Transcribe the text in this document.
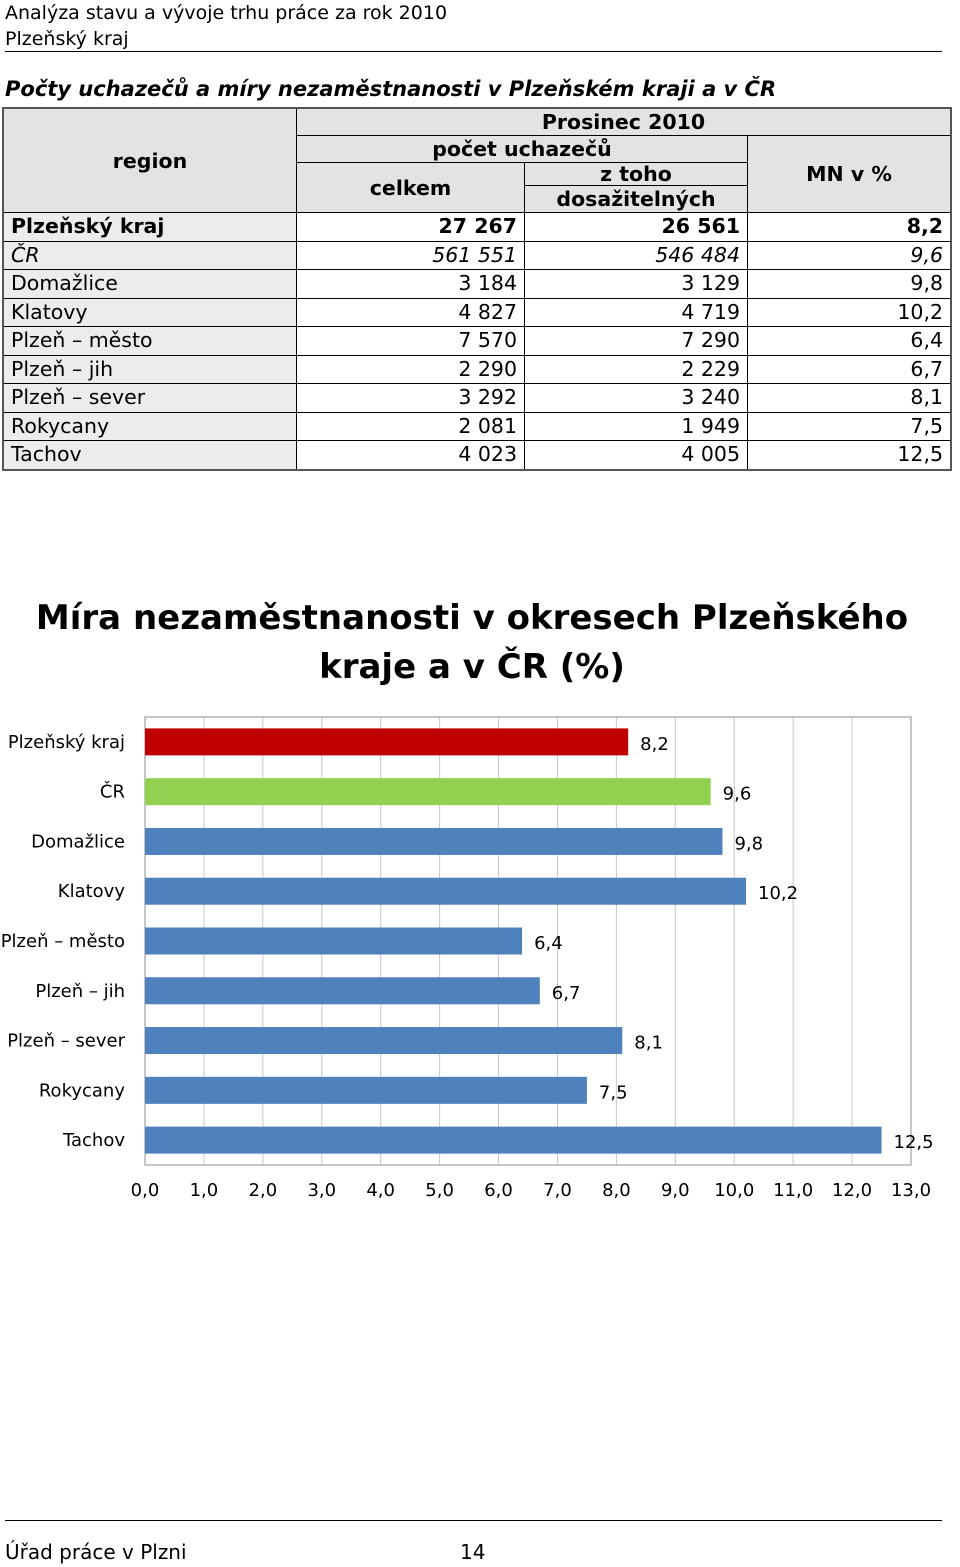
Analýza stavu a vývoje trhu práce za rok 2010
Plzeňský kraj
Počty uchazečů a míry nezaměstnanosti v Plzeňském kraji a v ČR
region	Prosinec 2010		
	počet uchazečů		MN v %
	celkem	z toho	
		dosažitelných	
Plzeňský kraj	27 267	26 561	8,2
ČR	561 551	546 484	9,6
Domažlice	3 184	3 129	9,8
Klatovy	4 827	4 719	10,2
Plzeň – město	7 570	7 290	6,4
Plzeň – jih	2 290	2 229	6,7
Plzeň – sever	3 292	3 240	8,1
Rokycany	2 081	1 949	7,5
Tachov	4 023	4 005	12,5
Míra nezaměstnanosti v okresech Plzeňského
kraje a v ČR (%)
Plzeňský kraj	8,2
ČR	9,6
Domažlice	9,8
Klatovy	10,2
Plzeň – město	6,4
Plzeň – jih	6,7
Plzeň – sever	8,1
Rokycany	7,5
Tachov	12,5
0,0 1,0 2,0 3,0 4,0 5,0 6,0 7,0 8,0 9,0 10,0 11,0 12,0 13,0
Úřad práce v Plzni	14
